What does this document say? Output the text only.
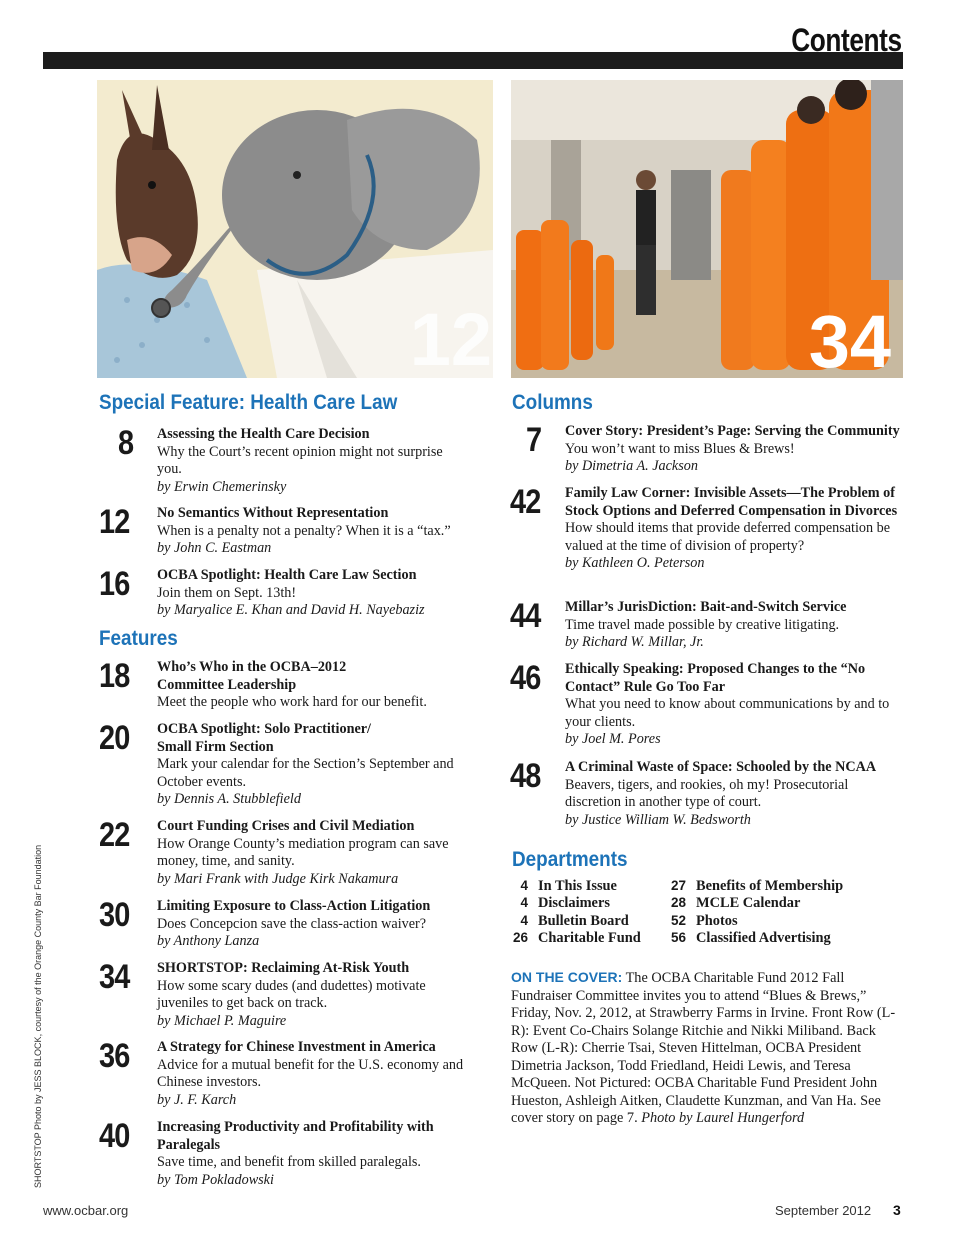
Contents
12	34
Special Feature: Health Care Law
Features
Columns
Departments
8 Assessing the Health Care Decision
Why the Court’s recent opinion might not surprise you.
by Erwin Chemerinsky
12 No Semantics Without Representation
When is a penalty not a penalty? When it is a “tax.”
by John C. Eastman
16 OCBA Spotlight: Health Care Law Section
Join them on Sept. 13th!
by Maryalice E. Khan and David H. Nayebaziz
18 Who’s Who in the OCBA–2012 Committee Leadership
Meet the people who work hard for our benefit.
20 OCBA Spotlight: Solo Practitioner/ Small Firm Section
Mark your calendar for the Section’s September and October events.
by Dennis A. Stubblefield
22 Court Funding Crises and Civil Mediation
How Orange County’s mediation program can save money, time, and sanity.
by Mari Frank with Judge Kirk Nakamura
30 Limiting Exposure to Class-Action Litigation
Does Concepcion save the class-action waiver?
by Anthony Lanza
34 SHORTSTOP: Reclaiming At-Risk Youth
How some scary dudes (and dudettes) motivate juveniles to get back on track.
by Michael P. Maguire
36 A Strategy for Chinese Investment in America
Advice for a mutual benefit for the U.S. economy and Chinese investors.
by J. F. Karch
40 Increasing Productivity and Profitability with Paralegals
Save time, and benefit from skilled paralegals.
by Tom Pokladowski
7 Cover Story: President’s Page: Serving the Community
You won’t want to miss Blues & Brews!
by Dimetria A. Jackson
42 Family Law Corner: Invisible Assets—The Problem of Stock Options and Deferred Compensation in Divorces
How should items that provide deferred compensation be valued at the time of division of property?
by Kathleen O. Peterson
44 Millar’s JurisDiction: Bait-and-Switch Service
Time travel made possible by creative litigating.
by Richard W. Millar, Jr.
46 Ethically Speaking: Proposed Changes to the “No Contact” Rule Go Too Far
What you need to know about communications by and to your clients.
by Joel M. Pores
48 A Criminal Waste of Space: Schooled by the NCAA
Beavers, tigers, and rookies, oh my! Prosecutorial discretion in another type of court.
by Justice William W. Bedsworth
4 In This Issue
4 Disclaimers
4 Bulletin Board
26 Charitable Fund
27 Benefits of Membership
28 MCLE Calendar
52 Photos
56 Classified Advertising
ON THE COVER: The OCBA Charitable Fund 2012 Fall Fundraiser Committee invites you to attend “Blues & Brews,” Friday, Nov. 2, 2012, at Strawberry Farms in Irvine. Front Row (L-R): Event Co-Chairs Solange Ritchie and Nikki Miliband. Back Row (L-R): Cherrie Tsai, Steven Hittelman, OCBA President Dimetria Jackson, Todd Friedland, Heidi Lewis, and Teresa McQueen. Not Pictured: OCBA Charitable Fund President John Hueston, Ashleigh Aitken, Claudette Kunzman, and Van Ha. See cover story on page 7. Photo by Laurel Hungerford
SHORTSTOP Photo by JESS BLOCK, courtesy of the Orange County Bar Foundation
www.ocbar.org	September 2012 3
